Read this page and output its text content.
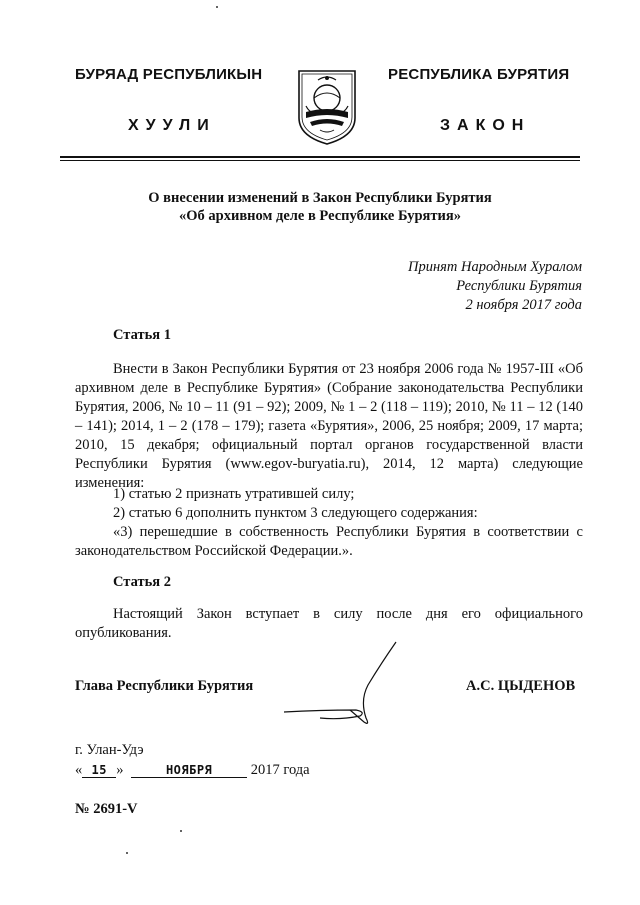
БУРЯАД РЕСПУБЛИКЫН
ХУУЛИ
РЕСПУБЛИКА БУРЯТИЯ
ЗАКОН
О внесении изменений в Закон Республики Бурятия
«Об архивном деле в Республике Бурятия»
Принят Народным Хуралом
Республики Бурятия
2 ноября 2017 года
Статья 1
Внести в Закон Республики Бурятия от 23 ноября 2006 года № 1957-III «Об архивном деле в Республике Бурятия» (Собрание законодательства Республики Бурятия, 2006, № 10 – 11 (91 – 92); 2009, № 1 – 2 (118 – 119); 2010, № 11 – 12 (140 – 141); 2014, 1 – 2 (178 – 179); газета «Бурятия», 2006, 25 ноября; 2009, 17 марта; 2010, 15 декабря; официальный портал органов государственной власти Республики Бурятия (www.egov-buryatia.ru), 2014, 12 марта) следующие изменения:
1) статью 2 признать утратившей силу;
2) статью 6 дополнить пунктом 3 следующего содержания:
«3) перешедшие в собственность Республики Бурятия в соответствии с законодательством Российской Федерации.».
Статья 2
Настоящий Закон вступает в силу после дня его официального опубликования.
Глава Республики Бурятия	А.С. ЦЫДЕНОВ
г. Улан-Удэ
« 15 »	НОЯБРЯ	2017 года
№ 2691-V
